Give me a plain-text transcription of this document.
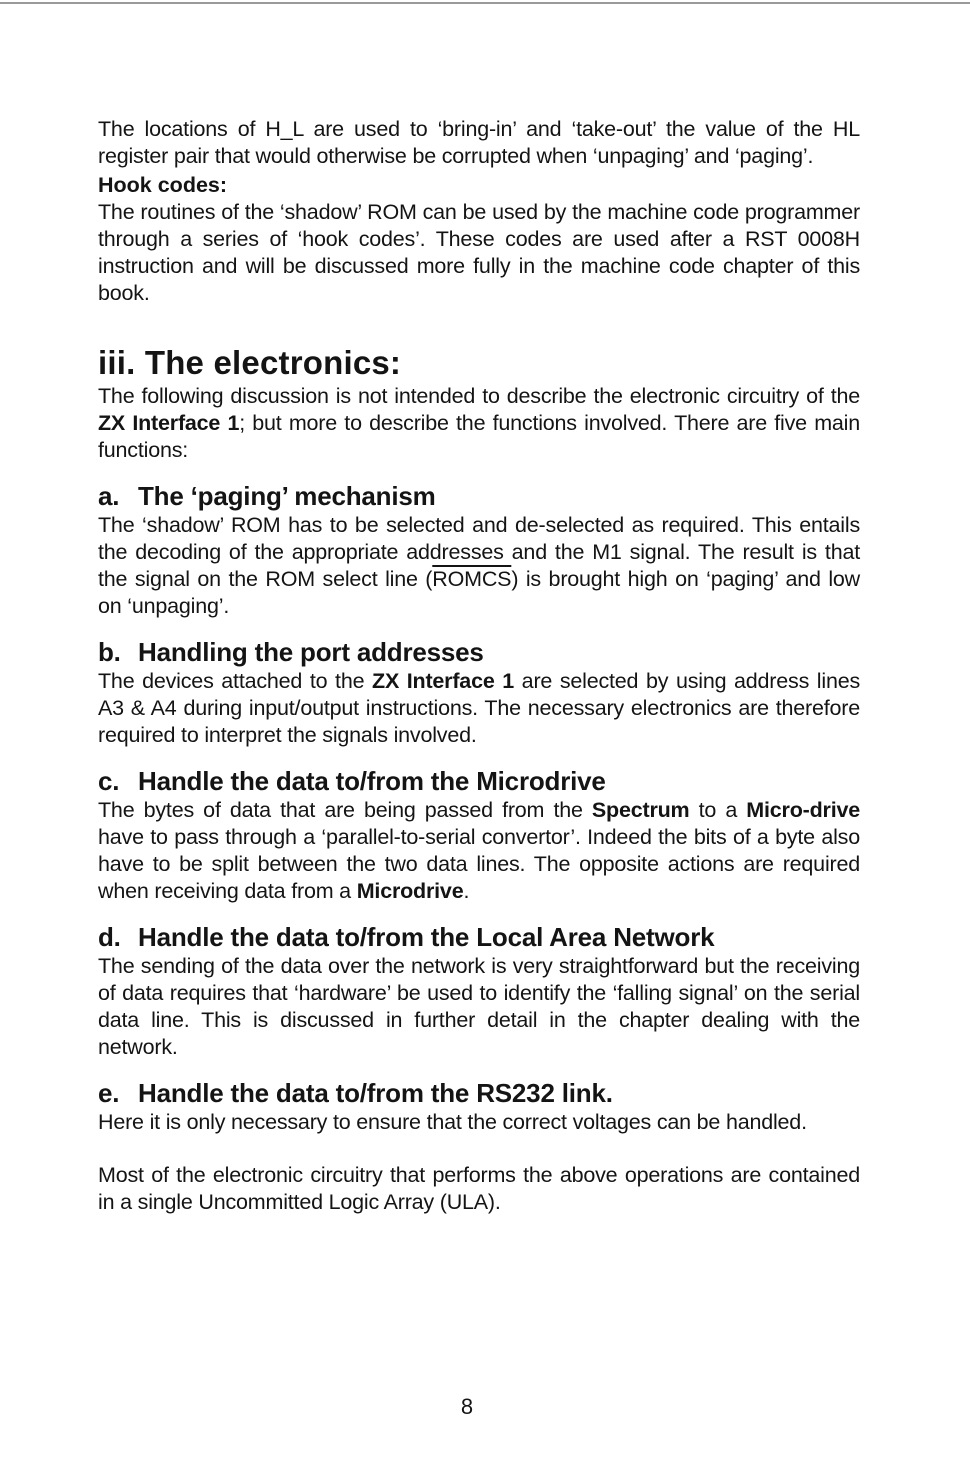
The locations of H_L are used to ‘bring-in’ and ‘take-out’ the value of the HL register pair that would otherwise be corrupted when ‘unpaging’ and ‘paging’.

Hook codes:

The routines of the ‘shadow’ ROM can be used by the machine code programmer through a series of ‘hook codes’. These codes are used after a RST 0008H instruction and will be discussed more fully in the machine code chapter of this book.

iii. The electronics:

The following discussion is not intended to describe the electronic circuitry of the ZX Interface 1; but more to describe the functions involved. There are five main functions:

a. The ‘paging’ mechanism

The ‘shadow’ ROM has to be selected and de-selected as required. This entails the decoding of the appropriate addresses and the M1 signal. The result is that the signal on the ROM select line (ROMCS) is brought high on ‘paging’ and low on ‘unpaging’.

b. Handling the port addresses

The devices attached to the ZX Interface 1 are selected by using address lines A3 & A4 during input/output instructions. The necessary electronics are therefore required to interpret the signals involved.

c. Handle the data to/from the Microdrive

The bytes of data that are being passed from the Spectrum to a Micro-drive have to pass through a ‘parallel-to-serial convertor’. Indeed the bits of a byte also have to be split between the two data lines. The opposite actions are required when receiving data from a Microdrive.

d. Handle the data to/from the Local Area Network

The sending of the data over the network is very straightforward but the receiving of data requires that ‘hardware’ be used to identify the ‘falling signal’ on the serial data line. This is discussed in further detail in the chapter dealing with the network.

e. Handle the data to/from the RS232 link.

Here it is only necessary to ensure that the correct voltages can be handled.

Most of the electronic circuitry that performs the above operations are contained in a single Uncommitted Logic Array (ULA).

8
